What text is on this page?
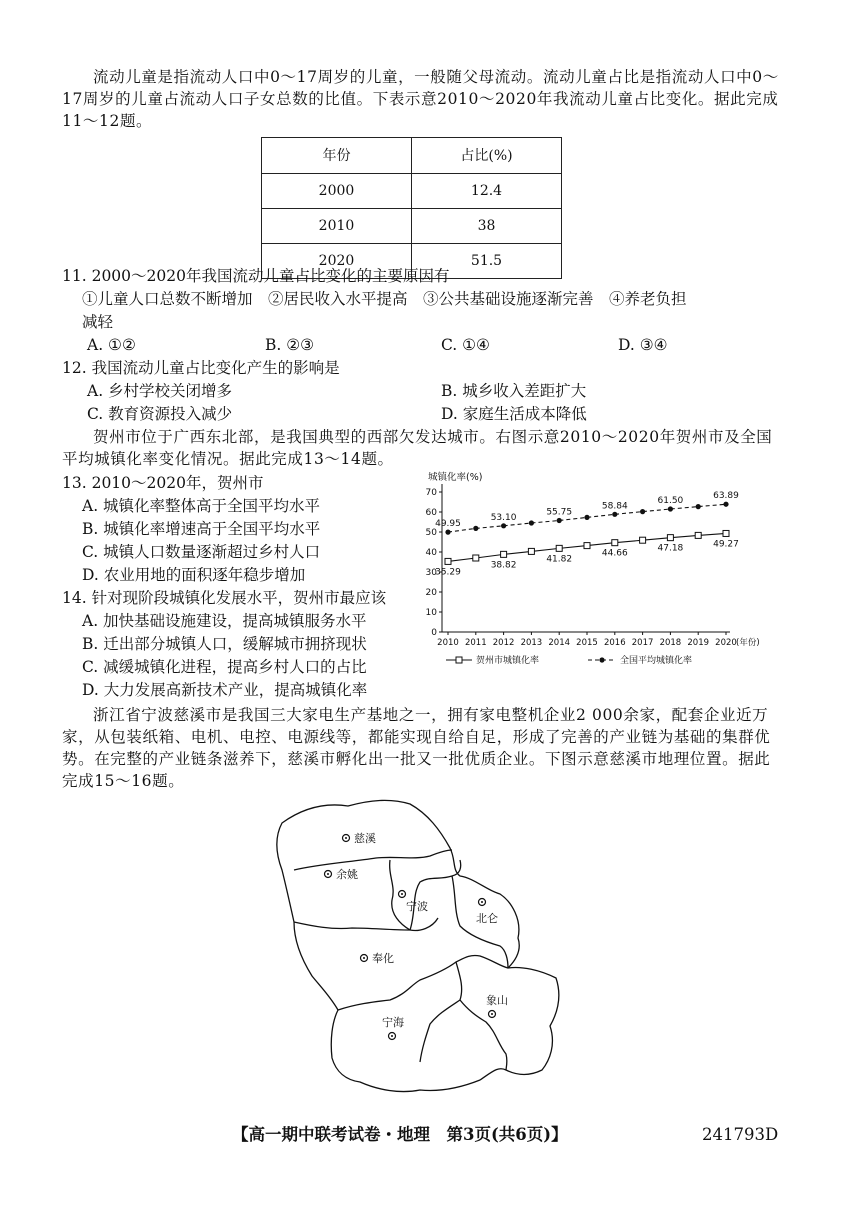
流动儿童是指流动人口中0～17周岁的儿童，一般随父母流动。流动儿童占比是指流动人口中0～17周岁的儿童占流动人口子女总数的比值。下表示意2010～2020年我流动儿童占比变化。据此完成11～12题。
年份	占比(%)
2000	12.4
2010	38
2020	51.5
11. 2000～2020年我国流动儿童占比变化的主要原因有
①儿童人口总数不断增加　②居民收入水平提高　③公共基础设施逐渐完善　④养老负担
减轻
A. ①②	B. ②③	C. ①④	D. ③④
12. 我国流动儿童占比变化产生的影响是
A. 乡村学校关闭增多	B. 城乡收入差距扩大
C. 教育资源投入减少	D. 家庭生活成本降低
贺州市位于广西东北部，是我国典型的西部欠发达城市。右图示意2010～2020年贺州市及全国平均城镇化率变化情况。据此完成13～14题。
13. 2010～2020年，贺州市
A. 城镇化率整体高于全国平均水平
B. 城镇化率增速高于全国平均水平
C. 城镇人口数量逐渐超过乡村人口
D. 农业用地的面积逐年稳步增加
14. 针对现阶段城镇化发展水平，贺州市最应该
A. 加快基础设施建设，提高城镇服务水平
B. 迁出部分城镇人口，缓解城市拥挤现状
C. 减缓城镇化进程，提高乡村人口的占比
D. 大力发展高新技术产业，提高城镇化率
城镇化率(%)
0
10
20
30
40
50
60
70
2010 2011 2012 2013 2014 2015 2016 2017 2018 2019 2020 (年份)
35.29
38.82
41.82
44.66
47.18	49.27
49.95
53.10
55.75
58.84
61.50	63.89
贺州市城镇化率	全国平均城镇化率
浙江省宁波慈溪市是我国三大家电生产基地之一，拥有家电整机企业2 000余家，配套企业近万家，从包装纸箱、电机、电控、电源线等，都能实现自给自足，形成了完善的产业链为基础的集群优势。在完整的产业链条滋养下，慈溪市孵化出一批又一批优质企业。下图示意慈溪市地理位置。据此完成15～16题。
慈溪
余姚
宁波
北仑
奉化
象山
宁海
【高一期中联考试卷・地理　第3页(共6页)】	241793D
